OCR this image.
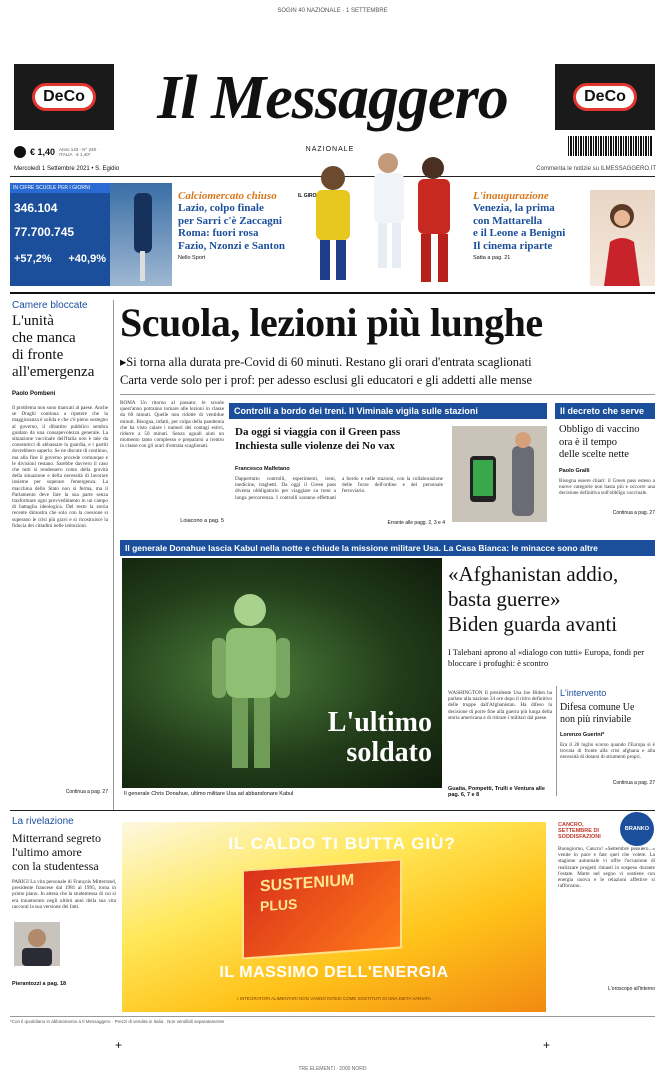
SOGIN 40 NAZIONALE · 1 SETTEMBRE
DeCo	DeCo
Il Messaggero
€ 1,40 Anno 143 - N° 240 · ITALIA · € 1,40*
Mercoledì 1 Settembre 2021 • S. Egidio
NAZIONALE
Commenta le notizie su ILMESSAGGERO.IT
IN CIFRE SCUOLE PER I GIORNI
346.104
77.700.745
+57,2% +40,9%
Calciomercato chiuso
Lazio, colpo finale
per Sarri c'è Zaccagni
Roma: fuori rosa
Fazio, Nzonzi e Santon
Nello Sport
IL GIRO	L'inaugurazione
Venezia, la prima
con Mattarella
e il Leone a Benigni
Il cinema riparte
Satta a pag. 21
Camere bloccate
L'unità
che manca
di fronte
all'emergenza
Paolo Pombeni
Il problema non sono mancati al paese. Anche se Draghi continua a ripetere che la maggioranza è solida e che c'è pieno sostegno al governo, il dibattito pubblico sembra guidato da una consapevolezza generale. La situazione vaccinale dell'Italia non è tale da consentirci di abbassare la guardia, e i partiti dovrebbero saperlo. Se ne discute di continuo, ma alla fine il governo procede comunque e le divisioni restano. Sarebbe davvero il caso che tutti si rendessero conto della gravità della situazione e della necessità di lavorare insieme per superare l'emergenza. La macchina dello Stato non si ferma, ma il Parlamento deve fare la sua parte senza trasformare ogni provvedimento in un campo di battaglia ideologica. Del resto la storia recente dimostra che solo con la coesione si superano le crisi più gravi e si ricostruisce la fiducia dei cittadini nelle istituzioni.
Continua a pag. 27
Scuola, lezioni più lunghe
▸Si torna alla durata pre-Covid di 60 minuti. Restano gli orari d'entrata scaglionati
Carta verde solo per i prof: per adesso esclusi gli educatori e gli addetti alle mense
ROMA Un ritorno al passato: le scuole quest'anno potranno tornare alle lezioni in classe da 60 minuti. Quelle non ridotte di ventidue minuti. Bisogna, infatti, per colpa della pandemia che ha visto calare i numeri dei contagi estivi, ridurre a 50 minuti. Senza uguali aiuti un momento tanto complesso e prepararsi a rientro in classe con gli orari d'entrata scaglionati.
Loiacono a pag. 5
Controlli a bordo dei treni. Il Viminale vigila sulle stazioni
Da oggi si viaggia con il Green pass
Inchiesta sulle violenze dei No vax
Francesco Malfetano
Dappertutto controlli, esperimenti, treni, medicine, traghetti. Da oggi il Green pass diventa obbligatorio per viaggiare su treni a lunga percorrenza. I controlli saranno effettuati a bordo e nelle stazioni, con la collaborazione delle forze dell'ordine e del personale ferroviario.
Errante alle pagg. 2, 3 e 4
Il decreto che serve
Obbligo di vaccino
ora è il tempo
delle scelte nette
Paolo Gralli
Bisogna essere chiari: il Green pass esteso a nuove categorie non basta più e occorre una decisione definitiva sull'obbligo vaccinale.
Continua a pag. 27
Il generale Donahue lascia Kabul nella notte e chiude la missione militare Usa. La Casa Bianca: le minacce sono altre
L'ultimo
soldato
Il generale Chris Donahue, ultimo militare Usa ad abbandonare Kabul
«Afghanistan addio,
basta guerre»
Biden guarda avanti
I Talebani aprono al «dialogo con tutti» Europa, fondi per bloccare i profughi: è scontro
WASHINGTON Il presidente Usa Joe Biden ha parlato alla nazione 24 ore dopo il ritiro definitivo delle truppe dall'Afghanistan. Ha difeso la decisione di porre fine alla guerra più lunga della storia americana e di ritirare i militari dal paese.
Guaita, Pompetti, Trulli e Ventura alle pag. 6, 7 e 8
L'intervento
Difesa comune Ue
non più rinviabile
Lorenzo Guerini*
Era il 28 luglio scorso quando l'Europa si è trovata di fronte alla crisi afghana e alla necessità di dotarsi di strumenti propri.
Continua a pag. 27
La rivelazione
Mitterrand segreto
l'ultimo amore
con la studentessa
PARIGI La vita personale di François Mitterrand, presidente francese dal 1981 al 1995, torna in primo piano. In attesa che la studentessa di cui si era innamorato negli ultimi anni della sua vita racconti la sua versione dei fatti.
Pierantozzi a pag. 18
IL CALDO TI BUTTA GIÙ?
SUSTENIUM
PLUS
IL MASSIMO DELL'ENERGIA
I INTEGRATORI ALIMENTARI NON VANNO INTESI COME SOSTITUTI DI UNA DIETA VARIATA
CANCRO, SETTEMBRE DI SODDISFAZIONI
Buongiorno, Cancro! «Settembre pensiero...» venite in pace e fate quel che volete. La stagione autunnale vi offre l'occasione di realizzare progetti rimasti in sospeso durante l'estate. Marte nel segno vi sostiene con energia nuova e le relazioni affettive si rafforzano.
L'oroscopo all'interno
BRANKO
*Con il quotidiano in abbinamento a Il Messaggero · Prezzi di vendita in Italia · Non vendibili separatamente
+	+
TRE ELEMENTI · 2000 NORD
